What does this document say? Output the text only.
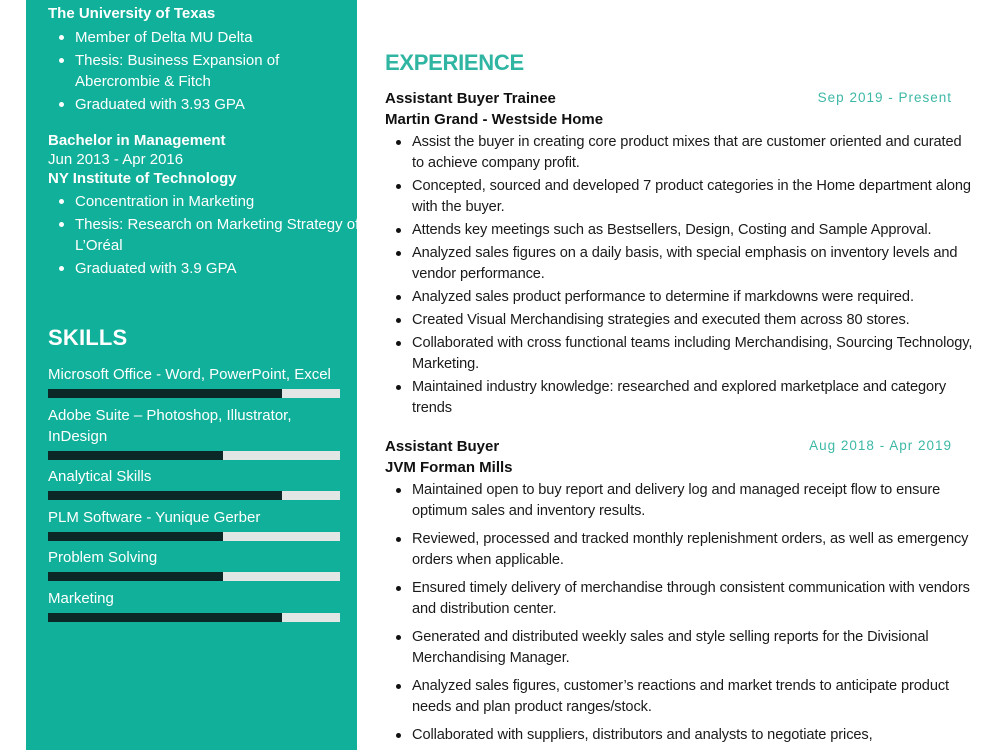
The University of Texas
Member of Delta MU Delta
Thesis: Business Expansion of Abercrombie & Fitch
Graduated with 3.93 GPA
Bachelor in Management
Jun 2013 - Apr 2016
NY Institute of Technology
Concentration in Marketing
Thesis: Research on Marketing Strategy of L’Oréal
Graduated with 3.9 GPA
SKILLS
Microsoft Office - Word, PowerPoint, Excel
Adobe Suite – Photoshop, Illustrator, InDesign
Analytical Skills
PLM Software - Yunique Gerber
Problem Solving
Marketing
EXPERIENCE
Assistant Buyer Trainee	Sep 2019 - Present
Martin Grand - Westside Home
Assist the buyer in creating core product mixes that are customer oriented and curated to achieve company profit.
Concepted, sourced and developed 7 product categories in the Home department along with the buyer.
Attends key meetings such as Bestsellers, Design, Costing and Sample Approval.
Analyzed sales figures on a daily basis, with special emphasis on inventory levels and vendor performance.
Analyzed sales product performance to determine if markdowns were required.
Created Visual Merchandising strategies and executed them across 80 stores.
Collaborated with cross functional teams including Merchandising, Sourcing Technology, Marketing.
Maintained industry knowledge: researched and explored marketplace and category trends
Assistant Buyer	Aug 2018 - Apr 2019
JVM Forman Mills
Maintained open to buy report and delivery log and managed receipt flow to ensure optimum sales and inventory results.
Reviewed, processed and tracked monthly replenishment orders, as well as emergency orders when applicable.
Ensured timely delivery of merchandise through consistent communication with vendors and distribution center.
Generated and distributed weekly sales and style selling reports for the Divisional Merchandising Manager.
Analyzed sales figures, customer’s reactions and market trends to anticipate product needs and plan product ranges/stock.
Collaborated with suppliers, distributors and analysts to negotiate prices,
